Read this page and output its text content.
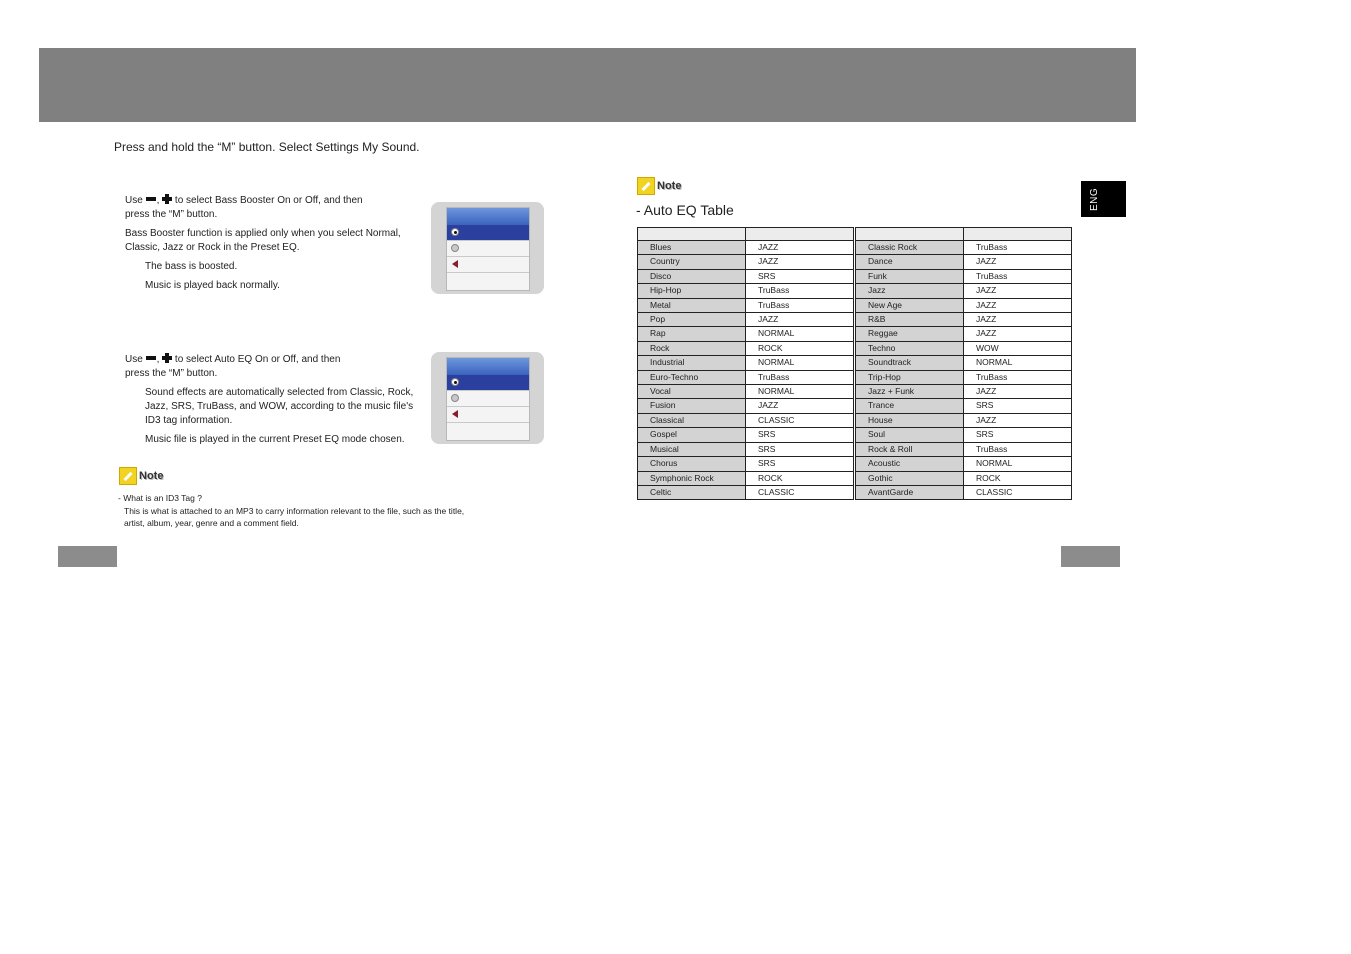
Press and hold the “M” button. Select Settings My Sound.
Use ,  to select Bass Booster On or Off, and then
press the “M” button.
Bass Booster function is applied only when you select Normal,
Classic, Jazz or Rock in the Preset EQ.
The bass is boosted.
Music is played back normally.
Use ,  to select Auto EQ On or Off, and then
press the “M” button.
Sound effects are automatically selected from Classic, Rock,
Jazz, SRS, TruBass, and WOW, according to the music file's
ID3 tag information.
Music file is played in the current Preset EQ mode chosen.
Note
- What is an ID3 Tag ?
This is what is attached to an MP3 to carry information relevant to the file, such as the title,
artist, album, year, genre and a comment field.
Note
- Auto EQ Table

Blues	JAZZ		Classic Rock	TruBass
Country	JAZZ		Dance	JAZZ
Disco	SRS		Funk	TruBass
Hip-Hop	TruBass		Jazz	JAZZ
Metal	TruBass		New Age	JAZZ
Pop	JAZZ		R&B	JAZZ
Rap	NORMAL		Reggae	JAZZ
Rock	ROCK		Techno	WOW
Industrial	NORMAL		Soundtrack	NORMAL
Euro-Techno	TruBass		Trip-Hop	TruBass
Vocal	NORMAL		Jazz + Funk	JAZZ
Fusion	JAZZ		Trance	SRS
Classical	CLASSIC		House	JAZZ
Gospel	SRS		Soul	SRS
Musical	SRS		Rock & Roll	TruBass
Chorus	SRS		Acoustic	NORMAL
Symphonic Rock	ROCK		Gothic	ROCK
Celtic	CLASSIC		AvantGarde	CLASSIC
ENG
